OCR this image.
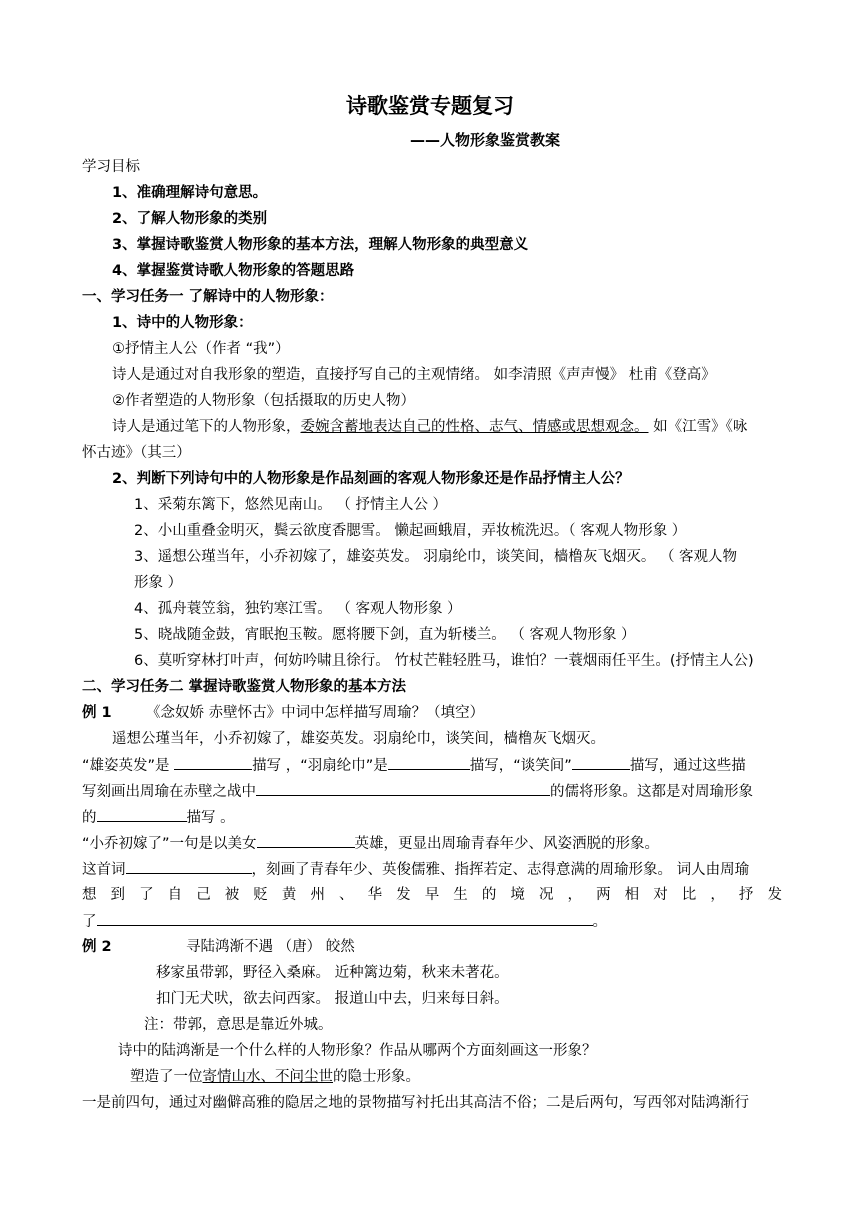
诗歌鉴赏专题复习
——人物形象鉴赏教案
学习目标
1、准确理解诗句意思。
2、了解人物形象的类别
3、掌握诗歌鉴赏人物形象的基本方法，理解人物形象的典型意义
4、掌握鉴赏诗歌人物形象的答题思路
一、学习任务一 了解诗中的人物形象：
1、诗中的人物形象：
①抒情主人公（作者 “我”）
诗人是通过对自我形象的塑造，直接抒写自己的主观情绪。 如李清照《声声慢》 杜甫《登高》
②作者塑造的人物形象（包括摄取的历史人物）
诗人是通过笔下的人物形象，委婉含蓄地表达自己的性格、志气、情感或思想观念。 如《江雪》《咏
怀古迹》（其三）
2、判断下列诗句中的人物形象是作品刻画的客观人物形象还是作品抒情主人公？
1、采菊东篱下，悠然见南山。 （ 抒情主人公 ）
2、小山重叠金明灭，鬓云欲度香腮雪。 懒起画蛾眉，弄妆梳洗迟。（ 客观人物形象 ）
3、遥想公瑾当年，小乔初嫁了，雄姿英发。 羽扇纶巾，谈笑间，樯橹灰飞烟灭。 （ 客观人物
形象 ）
4、孤舟蓑笠翁，独钓寒江雪。 （ 客观人物形象 ）
5、晓战随金鼓，宵眠抱玉鞍。愿将腰下剑，直为斩楼兰。 （ 客观人物形象 ）
6、莫听穿林打叶声，何妨吟啸且徐行。 竹杖芒鞋轻胜马，谁怕？一蓑烟雨任平生。(抒情主人公)
二、学习任务二 掌握诗歌鉴赏人物形象的基本方法
例 1 《念奴娇 赤壁怀古》中词中怎样描写周瑜？（填空）
遥想公瑾当年，小乔初嫁了，雄姿英发。羽扇纶巾，谈笑间，樯橹灰飞烟灭。
“雄姿英发”是	描写 ，“羽扇纶巾”是	描写，“谈笑间”	描写，通过这些描
写刻画出周瑜在赤壁之战中	的儒将形象。这都是对周瑜形象
的	描写 。
“小乔初嫁了”一句是以美女	英雄，更显出周瑜青春年少、风姿洒脱的形象。
这首词	，刻画了青春年少、英俊儒雅、指挥若定、志得意满的周瑜形象。 词人由周瑜
想 到 了 自 己 被 贬 黄 州 、 华 发 早 生 的 境 况 ， 两 相 对 比 ， 抒 发
了	。
例 2	寻陆鸿渐不遇 （唐） 皎然
移家虽带郭，野径入桑麻。 近种篱边菊，秋来未著花。
扣门无犬吠，欲去问西家。 报道山中去，归来每日斜。
注：带郭，意思是靠近外城。
诗中的陆鸿渐是一个什么样的人物形象？作品从哪两个方面刻画这一形象？
塑造了一位寄情山水、不问尘世的隐士形象。
一是前四句，通过对幽僻高雅的隐居之地的景物描写衬托出其高洁不俗；二是后两句，写西邻对陆鸿渐行
